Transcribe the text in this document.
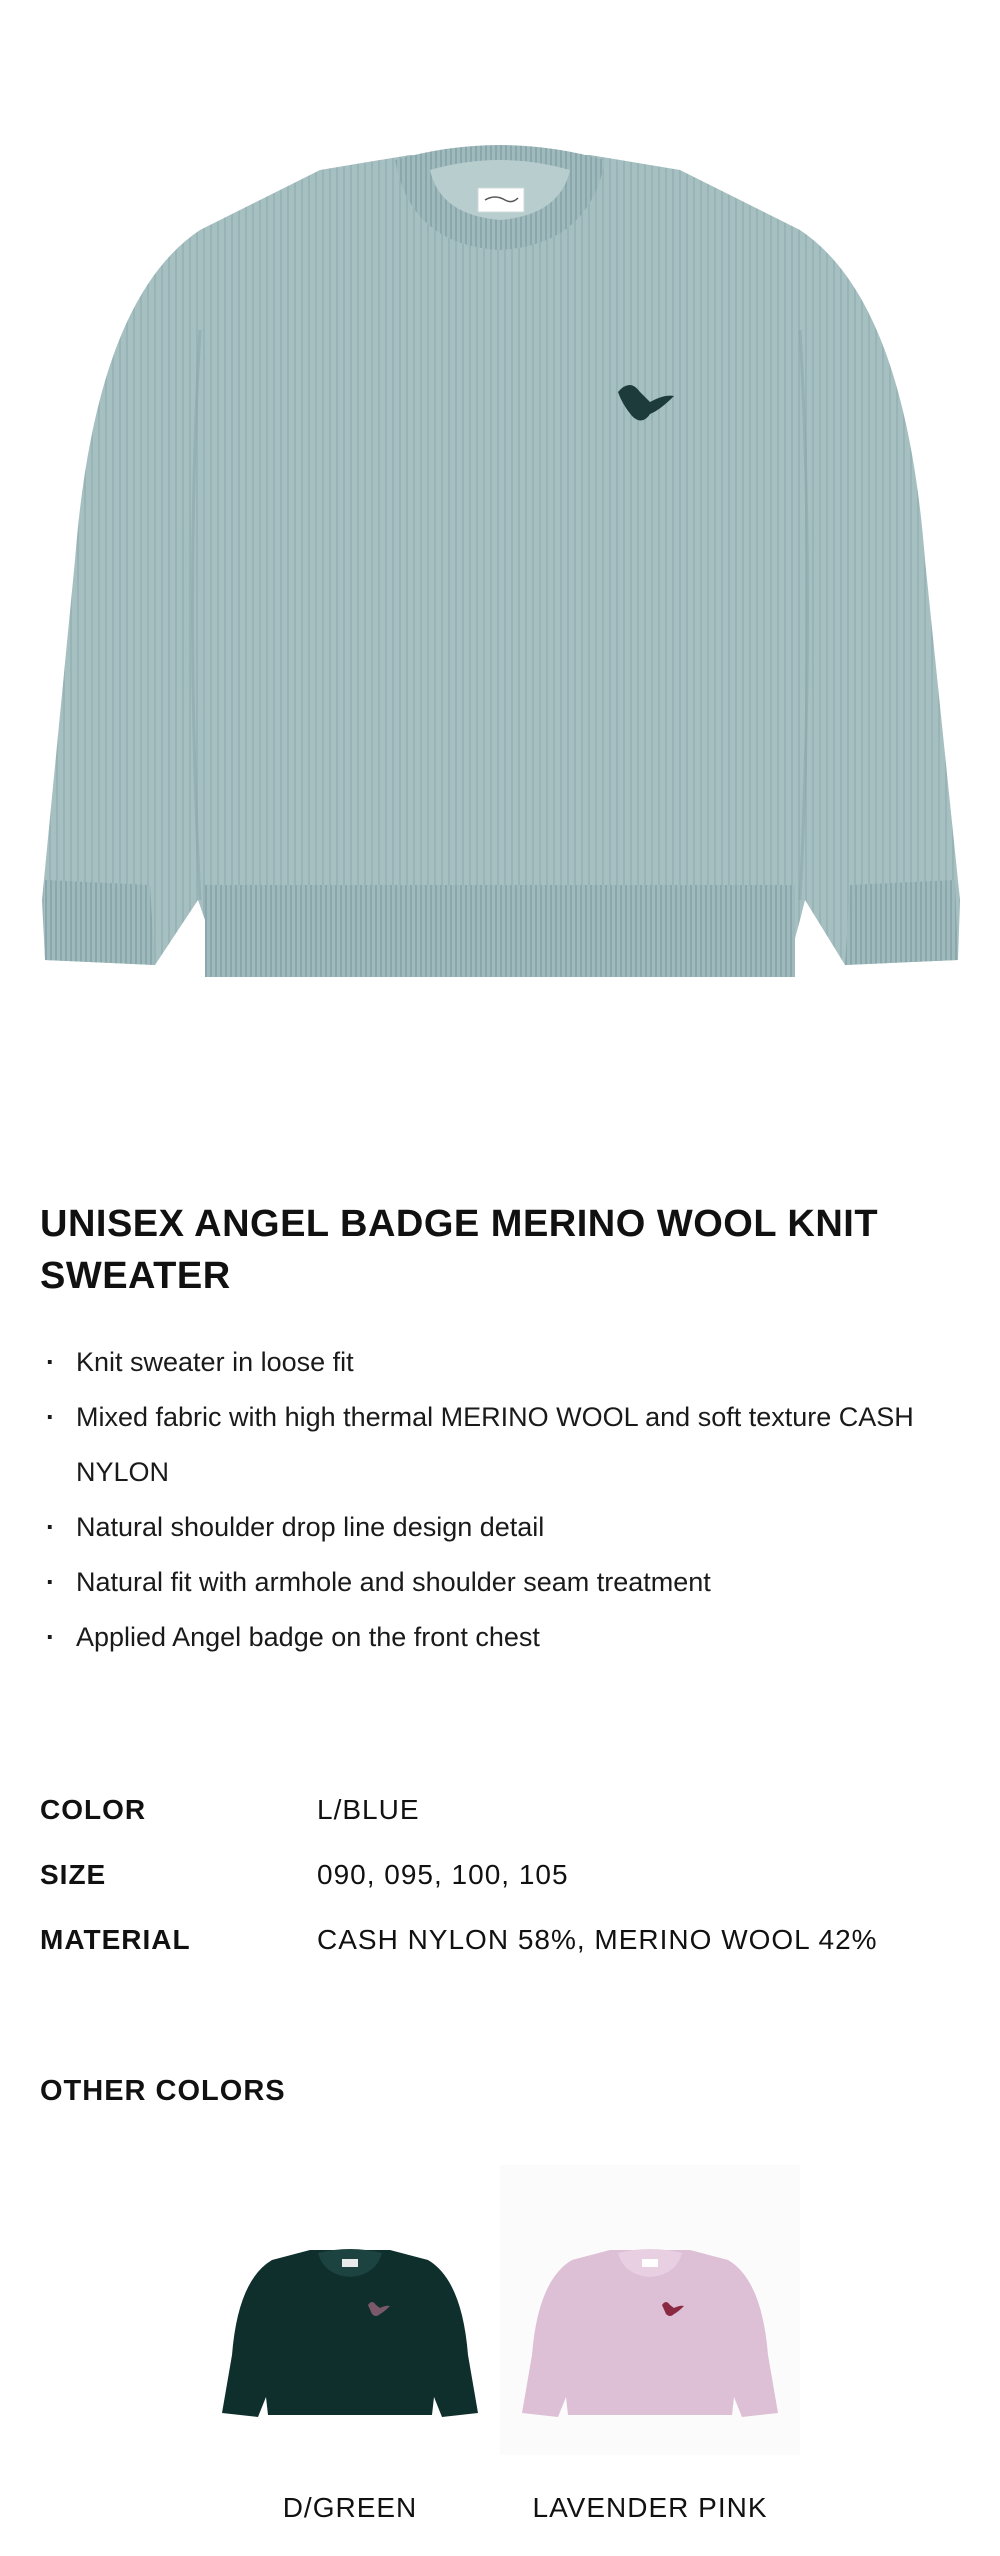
UNISEX ANGEL BADGE MERINO WOOL KNIT SWEATER
· Knit sweater in loose fit
· Mixed fabric with high thermal MERINO WOOL and soft texture CASH NYLON
· Natural shoulder drop line design detail
· Natural fit with armhole and shoulder seam treatment
· Applied Angel badge on the front chest
COLOR	L/BLUE
SIZE	090, 095, 100, 105
MATERIAL	CASH NYLON 58%, MERINO WOOL 42%
OTHER COLORS
D/GREEN	LAVENDER PINK
